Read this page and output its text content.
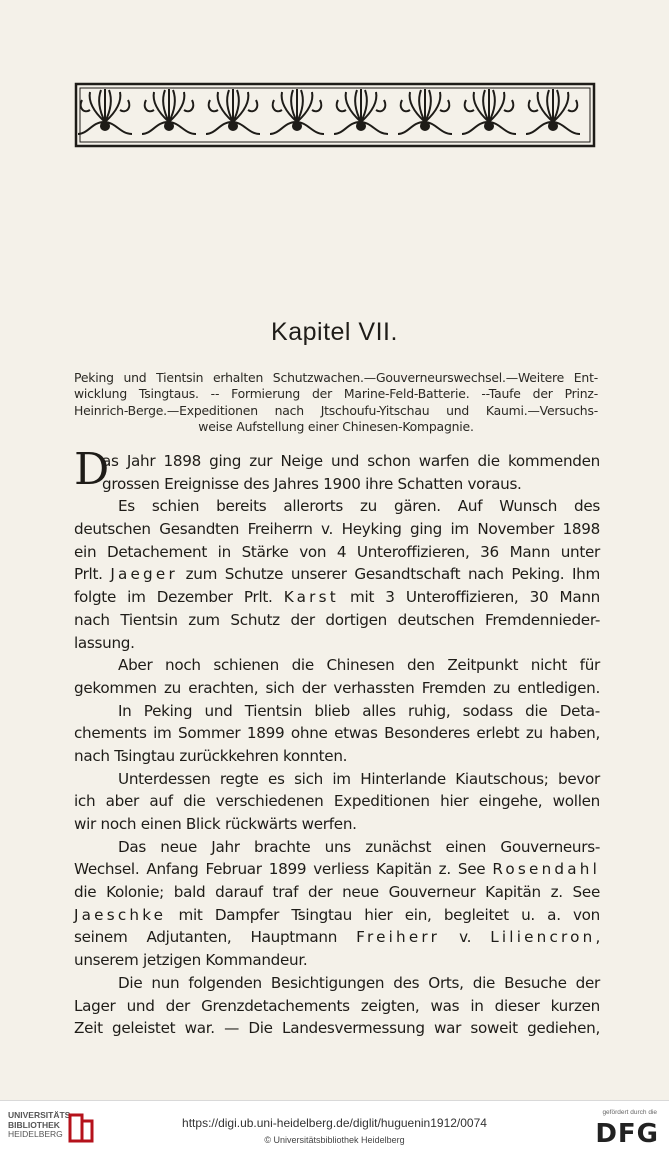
Kapitel VII.
Peking und Tientsin erhalten Schutzwachen.—Gouverneurswechsel.—Weitere Ent-
wicklung Tsingtaus. -- Formierung der Marine-Feld-Batterie. --Taufe der Prinz-
Heinrich-Berge.—Expeditionen nach Jtschoufu-Yitschau und Kaumi.—Versuchs-
weise Aufstellung einer Chinesen-Kompagnie.
D
as Jahr 1898 ging zur Neige und schon warfen die kommenden
grossen Ereignisse des Jahres 1900 ihre Schatten voraus.
Es schien bereits allerorts zu gären. Auf Wunsch des
deutschen Gesandten Freiherrn v. Heyking ging im November 1898
ein Detachement in Stärke von 4 Unteroffizieren, 36 Mann unter
Prlt. Jaeger zum Schutze unserer Gesandtschaft nach Peking. Ihm
folgte im Dezember Prlt. Karst mit 3 Unteroffizieren, 30 Mann
nach Tientsin zum Schutz der dortigen deutschen Fremdennieder-
lassung.
Aber noch schienen die Chinesen den Zeitpunkt nicht für
gekommen zu erachten, sich der verhassten Fremden zu entledigen.
In Peking und Tientsin blieb alles ruhig, sodass die Deta-
chements im Sommer 1899 ohne etwas Besonderes erlebt zu haben,
nach Tsingtau zurückkehren konnten.
Unterdessen regte es sich im Hinterlande Kiautschous; bevor
ich aber auf die verschiedenen Expeditionen hier eingehe, wollen
wir noch einen Blick rückwärts werfen.
Das neue Jahr brachte uns zunächst einen Gouverneurs-
Wechsel. Anfang Februar 1899 verliess Kapitän z. See Rosendahl
die Kolonie; bald darauf traf der neue Gouverneur Kapitän z. See
Jaeschke mit Dampfer Tsingtau hier ein, begleitet u. a. von
seinem Adjutanten, Hauptmann Freiherr v. Liliencron,
unserem jetzigen Kommandeur.
Die nun folgenden Besichtigungen des Orts, die Besuche der
Lager und der Grenzdetachements zeigten, was in dieser kurzen
Zeit geleistet war. — Die Landesvermessung war soweit gediehen,
UNIVERSITÄTS-
BIBLIOTHEK
HEIDELBERG
https://digi.ub.uni-heidelberg.de/diglit/huguenin1912/0074
© Universitätsbibliothek Heidelberg
gefördert durch die
DFG
